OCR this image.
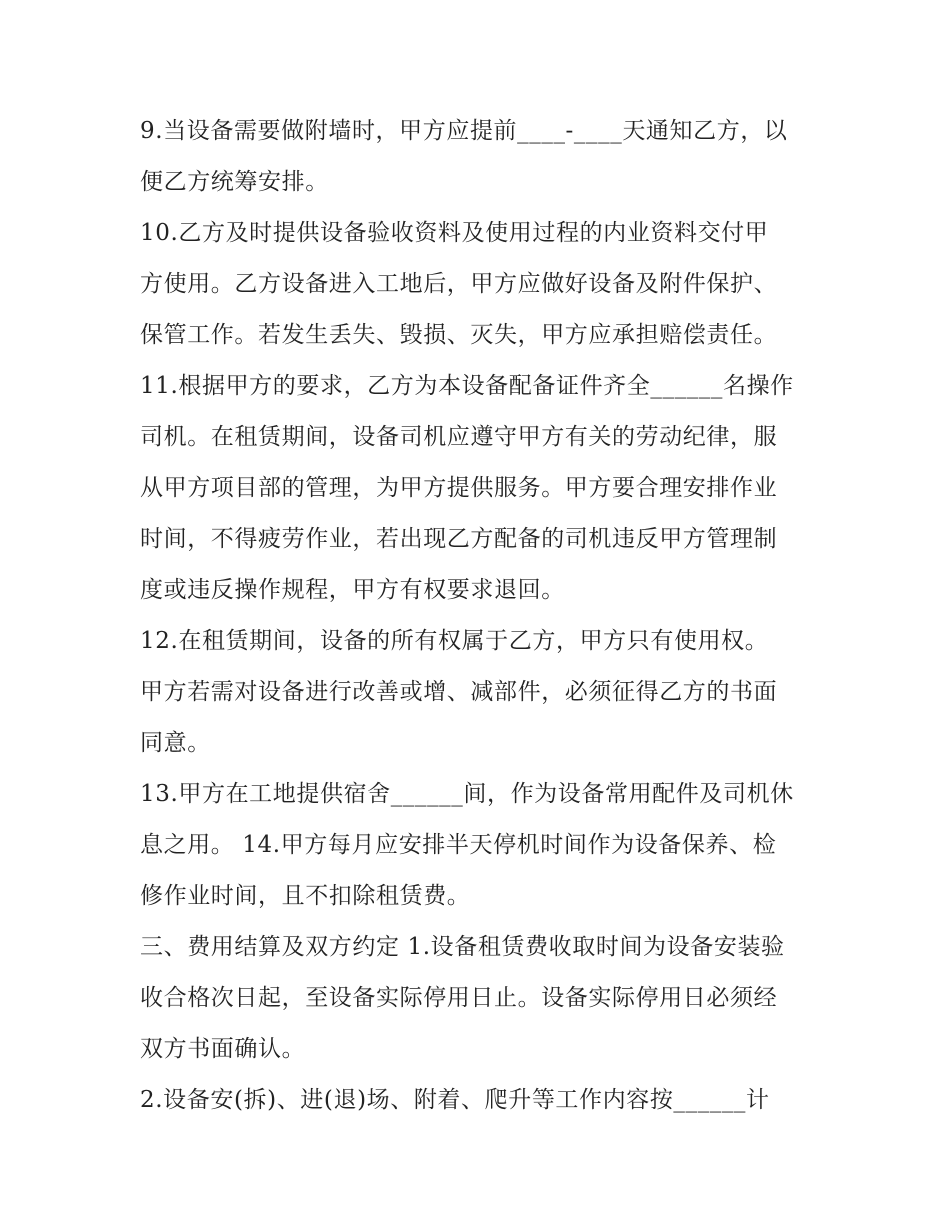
9.当设备需要做附墙时，甲方应提前____-____天通知乙方，以
便乙方统筹安排。
10.乙方及时提供设备验收资料及使用过程的内业资料交付甲
方使用。乙方设备进入工地后，甲方应做好设备及附件保护、
保管工作。若发生丢失、毁损、灭失，甲方应承担赔偿责任。
11.根据甲方的要求，乙方为本设备配备证件齐全______名操作
司机。在租赁期间，设备司机应遵守甲方有关的劳动纪律，服
从甲方项目部的管理，为甲方提供服务。甲方要合理安排作业
时间，不得疲劳作业，若出现乙方配备的司机违反甲方管理制
度或违反操作规程，甲方有权要求退回。
12.在租赁期间，设备的所有权属于乙方，甲方只有使用权。
甲方若需对设备进行改善或增、减部件，必须征得乙方的书面
同意。
13.甲方在工地提供宿舍______间，作为设备常用配件及司机休
息之用。 14.甲方每月应安排半天停机时间作为设备保养、检
修作业时间，且不扣除租赁费。
三、费用结算及双方约定 1.设备租赁费收取时间为设备安装验
收合格次日起，至设备实际停用日止。设备实际停用日必须经
双方书面确认。
2.设备安(拆)、进(退)场、附着、爬升等工作内容按______计
